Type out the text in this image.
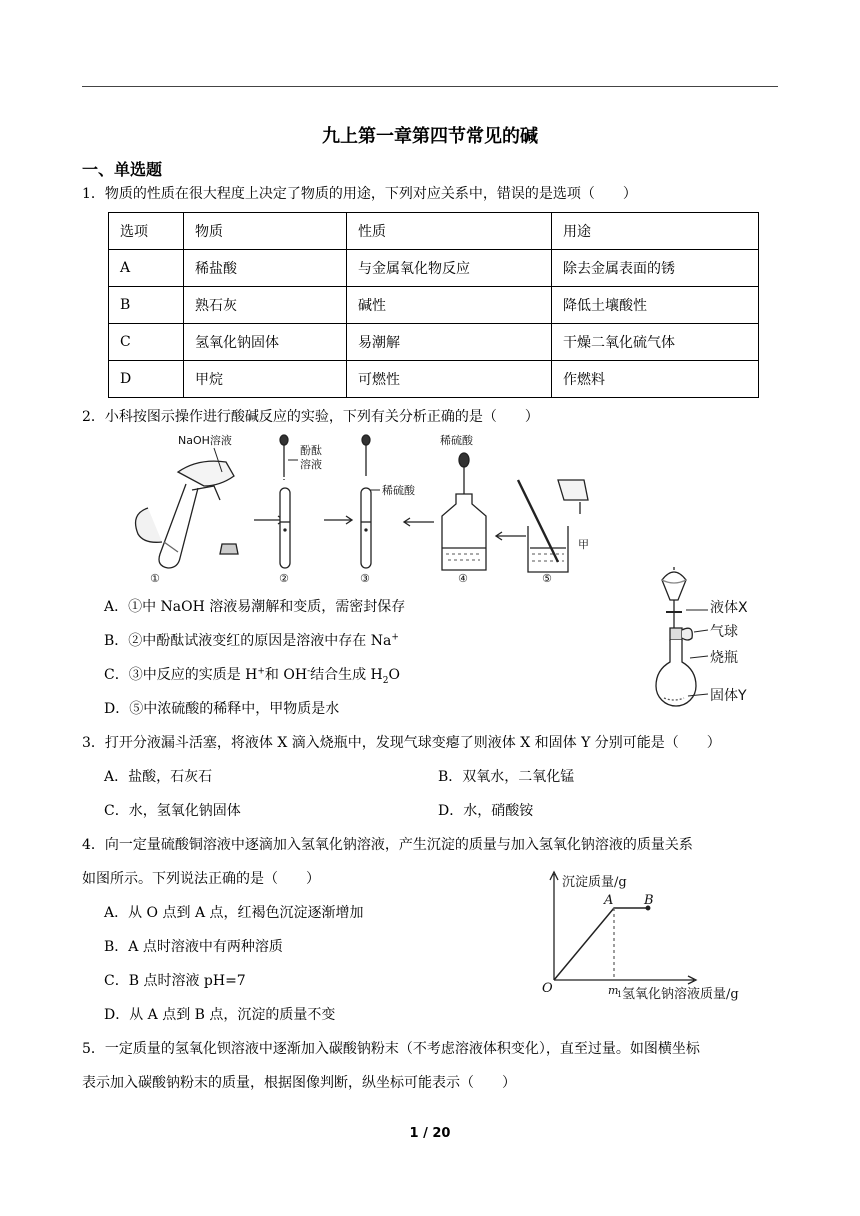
九上第一章第四节常见的碱
一、单选题
1．物质的性质在很大程度上决定了物质的用途，下列对应关系中，错误的是选项（　　）
选项	物质	性质	用途
A	稀盐酸	与金属氧化物反应	除去金属表面的锈
B	熟石灰	碱性	降低土壤酸性
C	氢氧化钠固体	易潮解	干燥二氧化硫气体
D	甲烷	可燃性	作燃料
2．小科按图示操作进行酸碱反应的实验，下列有关分析正确的是（　　）
NaOH溶液
酚酞
溶液
稀硫酸
稀硫酸
甲
①	②	③	④	⑤
A．①中 NaOH 溶液易潮解和变质，需密封保存
B．②中酚酞试液变红的原因是溶液中存在 Na+
C．③中反应的实质是 H+和 OH-结合生成 $H_2O$
D．⑤中浓硫酸的稀释中，甲物质是水
液体X
气球
烧瓶
固体Y
3．打开分液漏斗活塞，将液体 X 滴入烧瓶中，发现气球变瘪了则液体 X 和固体 Y 分别可能是（　　）
A．盐酸，石灰石	B．双氧水，二氧化锰
C．水，氢氧化钠固体	D．水，硝酸铵
4．向一定量硫酸铜溶液中逐滴加入氢氧化钠溶液，产生沉淀的质量与加入氢氧化钠溶液的质量关系
如图所示。下列说法正确的是（　　）
A．从 O 点到 A 点，红褐色沉淀逐渐增加
B．A 点时溶液中有两种溶质
C．B 点时溶液 pH=7
D．从 A 点到 B 点，沉淀的质量不变
沉淀质量/g
A B
O	m
1 氢氧化钠溶液质量/g
5．一定质量的氢氧化钡溶液中逐渐加入碳酸钠粉末（不考虑溶液体积变化），直至过量。如图横坐标
表示加入碳酸钠粉末的质量，根据图像判断，纵坐标可能表示（　　）
1 / 20
